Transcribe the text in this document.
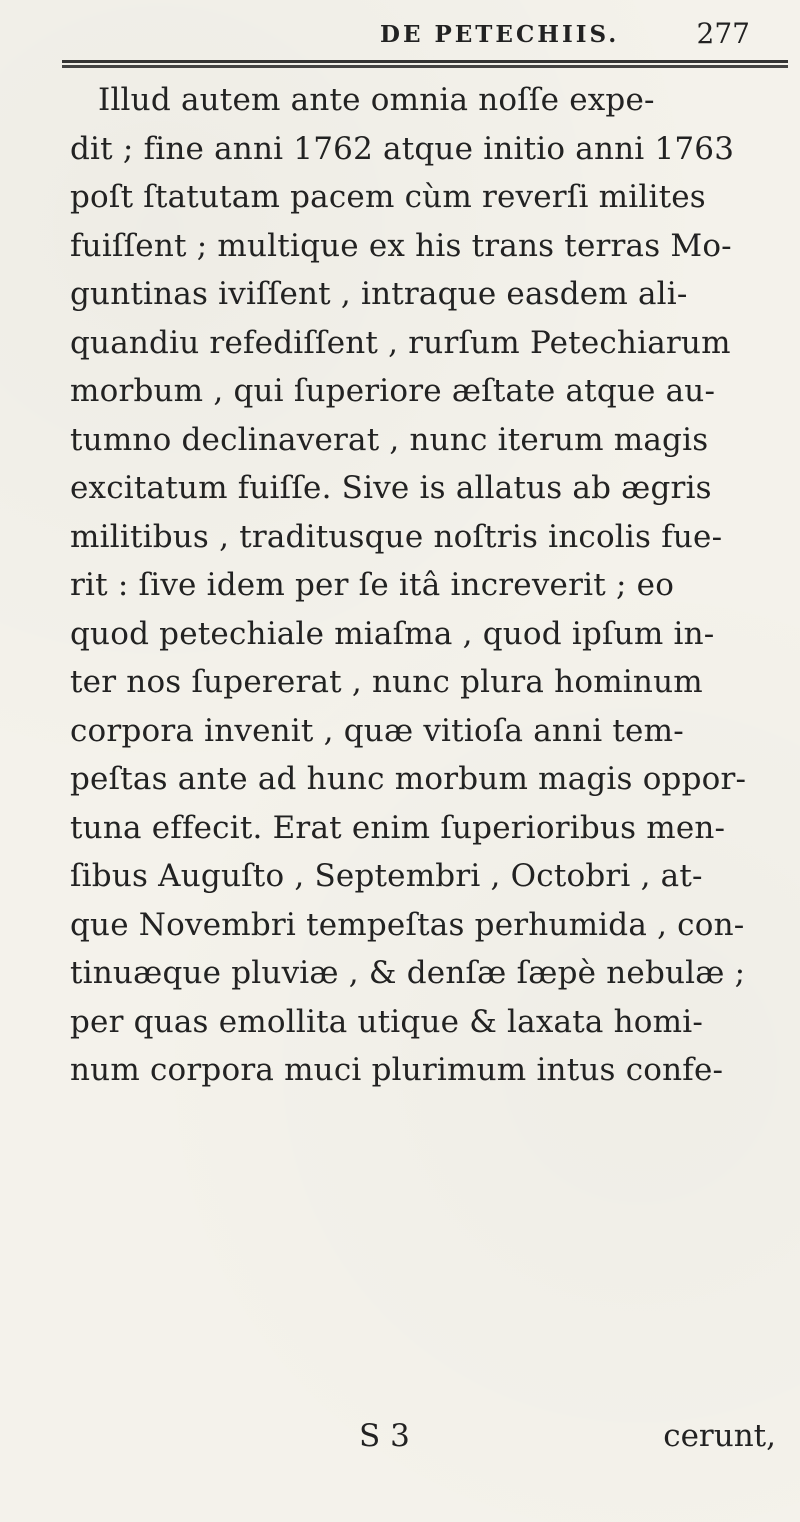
DE PETECHIIS.	277
Illud autem ante omnia noſſe expe-
dit ; fine anni 1762 atque initio anni 1763
poſt ſtatutam pacem cùm reverſi milites
fuiſſent ; multique ex his trans terras Mo-
guntinas iviſſent , intraque easdem ali-
quandiu refediſſent , rurſum Petechiarum
morbum , qui ſuperiore æſtate atque au-
tumno declinaverat , nunc iterum magis
excitatum fuiſſe. Sive is allatus ab ægris
militibus , traditusque noſtris incolis fue-
rit : ſive idem per ſe itâ increverit ; eo
quod petechiale miaſma , quod ipſum in-
ter nos ſupererat , nunc plura hominum
corpora invenit , quæ vitioſa anni tem-
peſtas ante ad hunc morbum magis oppor-
tuna effecit. Erat enim ſuperioribus men-
ſibus Auguſto , Septembri , Octobri , at-
que Novembri tempeſtas perhumida , con-
tinuæque pluviæ , & denſæ ſæpè nebulæ ;
per quas emollita utique & laxata homi-
num corpora muci plurimum intus confe-
S 3	cerunt,
